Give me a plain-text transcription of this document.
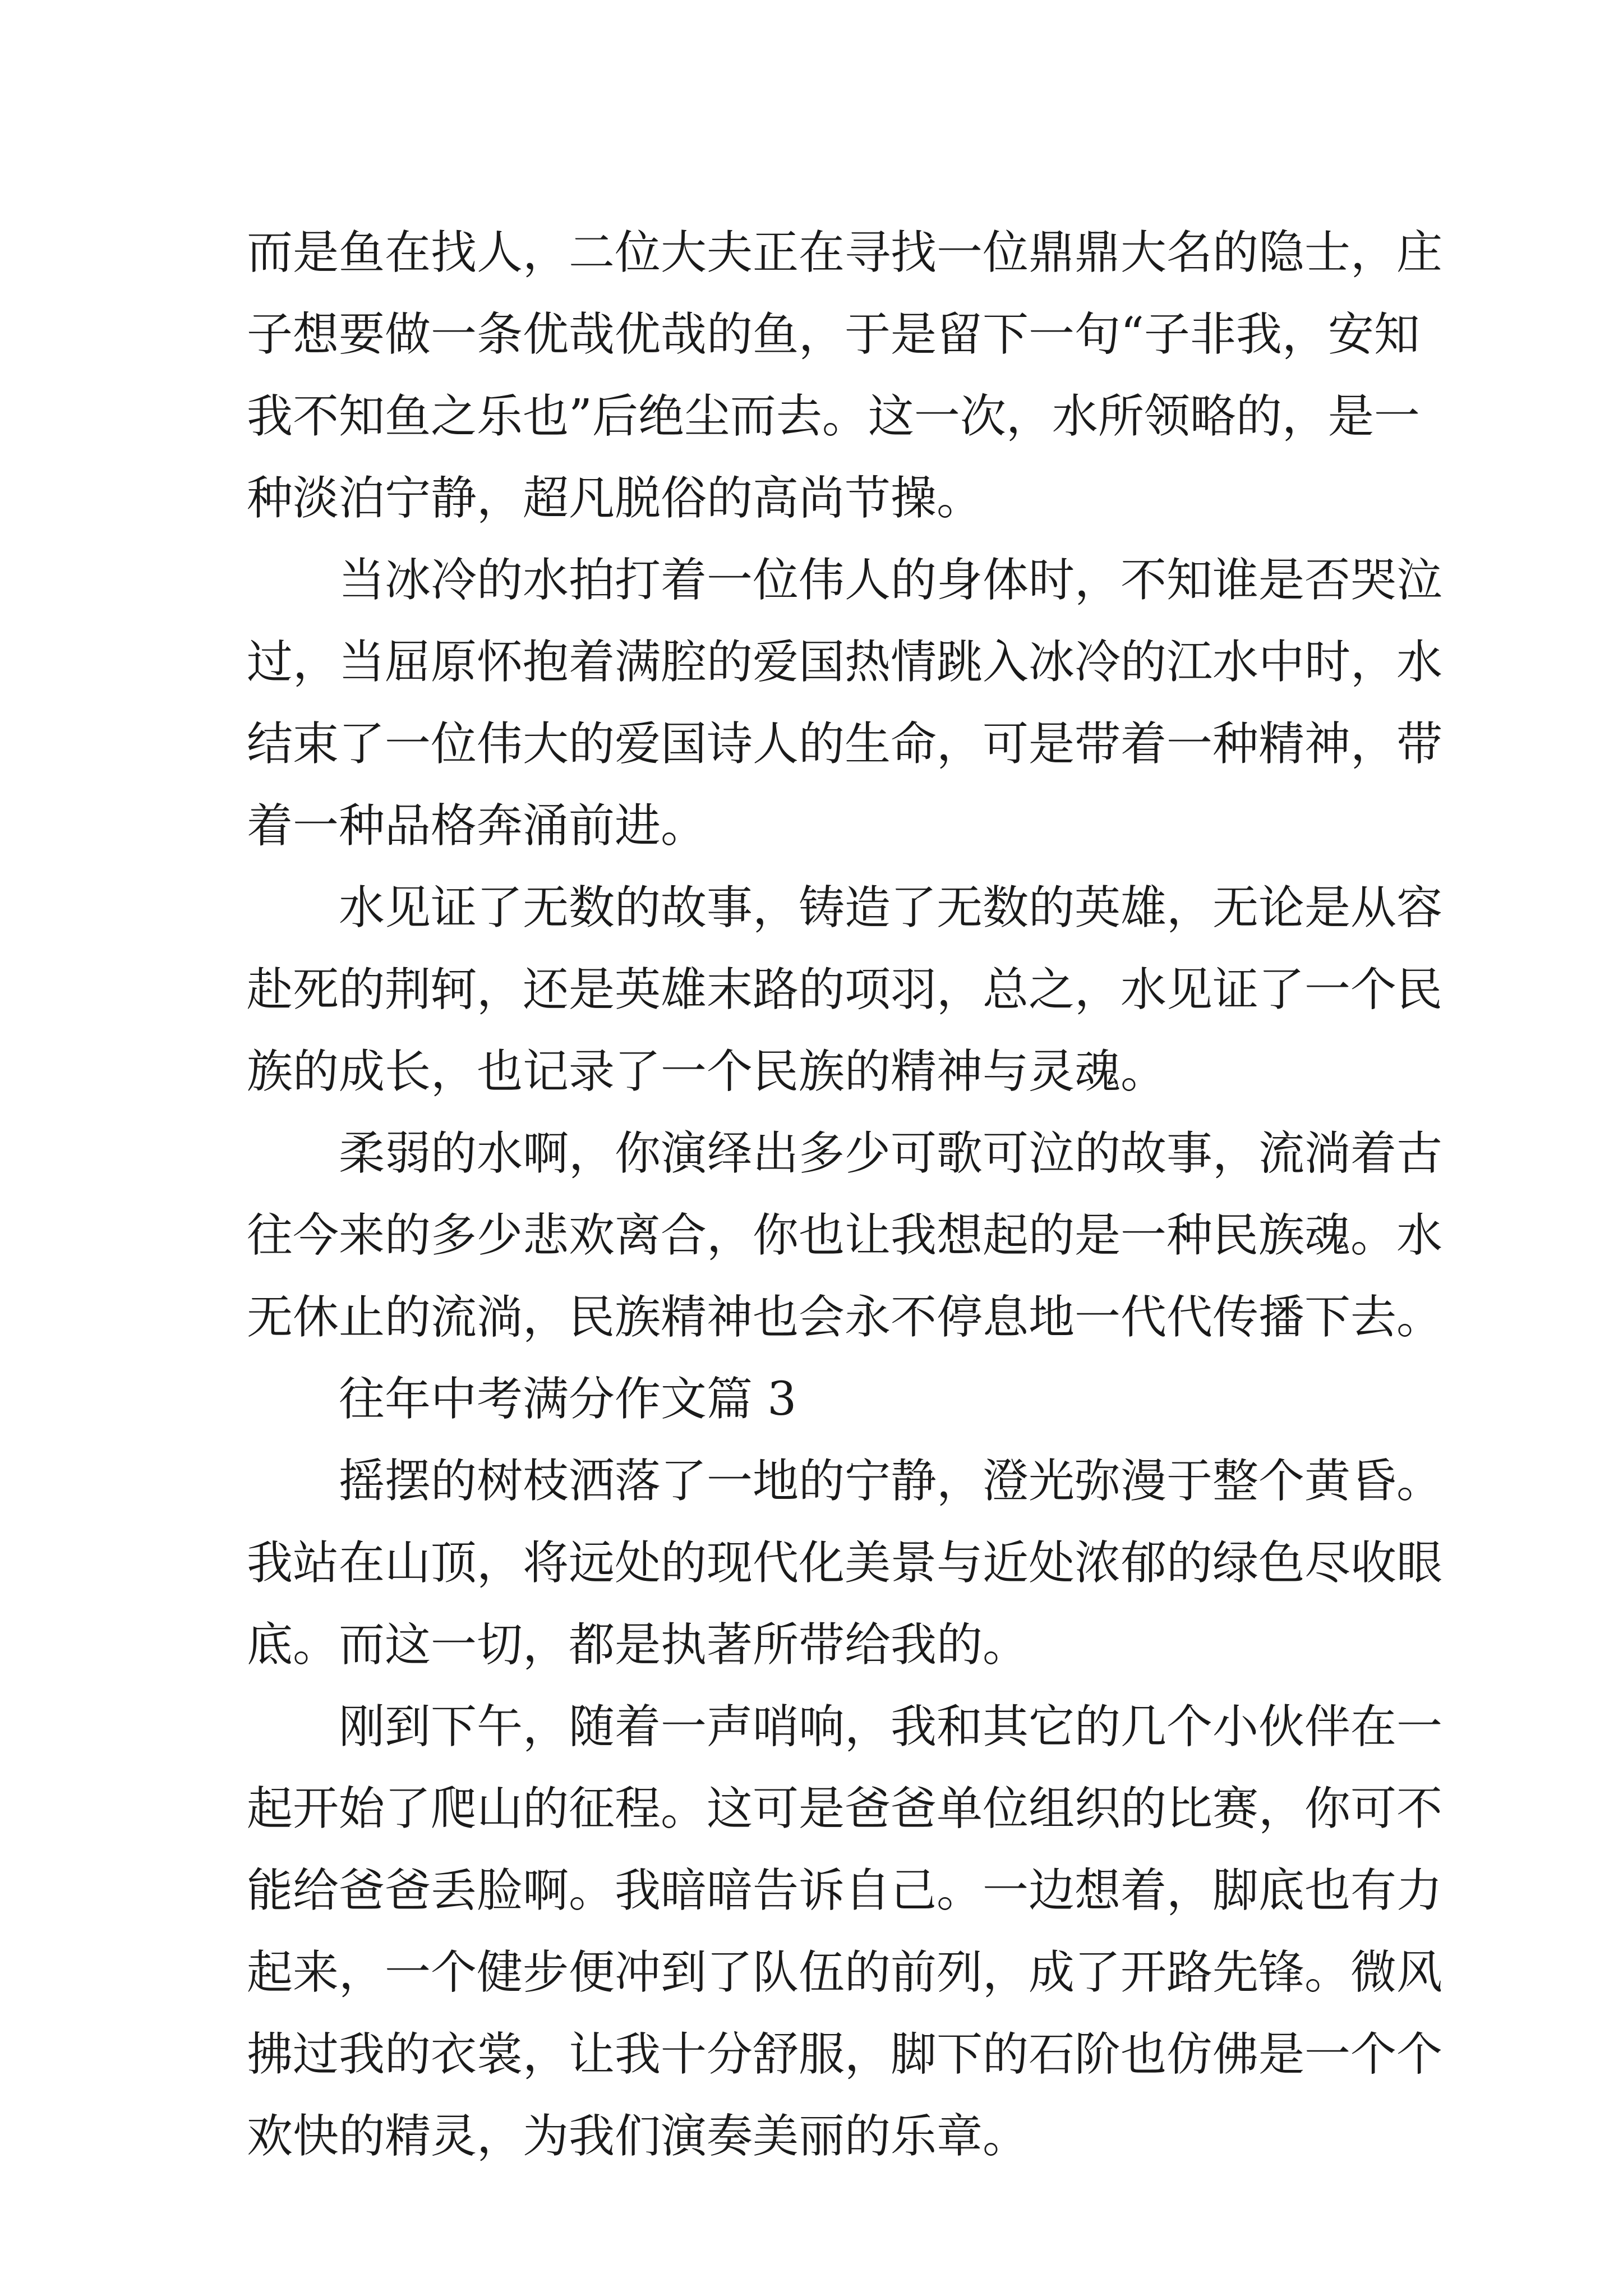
而是鱼在找人，二位大夫正在寻找一位鼎鼎大名的隐士，庄
子想要做一条优哉优哉的鱼，于是留下一句“子非我，安知
我不知鱼之乐也”后绝尘而去。这一次，水所领略的，是一
种淡泊宁静，超凡脱俗的高尚节操。
当冰冷的水拍打着一位伟人的身体时，不知谁是否哭泣
过，当屈原怀抱着满腔的爱国热情跳入冰冷的江水中时，水
结束了一位伟大的爱国诗人的生命，可是带着一种精神，带
着一种品格奔涌前进。
水见证了无数的故事，铸造了无数的英雄，无论是从容
赴死的荆轲，还是英雄末路的项羽，总之，水见证了一个民
族的成长，也记录了一个民族的精神与灵魂。
柔弱的水啊，你演绎出多少可歌可泣的故事，流淌着古
往今来的多少悲欢离合，你也让我想起的是一种民族魂。水
无休止的流淌，民族精神也会永不停息地一代代传播下去。
往年中考满分作文篇 3
摇摆的树枝洒落了一地的宁静，澄光弥漫于整个黄昏。
我站在山顶，将远处的现代化美景与近处浓郁的绿色尽收眼
底。而这一切，都是执著所带给我的。
刚到下午，随着一声哨响，我和其它的几个小伙伴在一
起开始了爬山的征程。这可是爸爸单位组织的比赛，你可不
能给爸爸丢脸啊。我暗暗告诉自己。一边想着，脚底也有力
起来，一个健步便冲到了队伍的前列，成了开路先锋。微风
拂过我的衣裳，让我十分舒服，脚下的石阶也仿佛是一个个
欢快的精灵，为我们演奏美丽的乐章。
